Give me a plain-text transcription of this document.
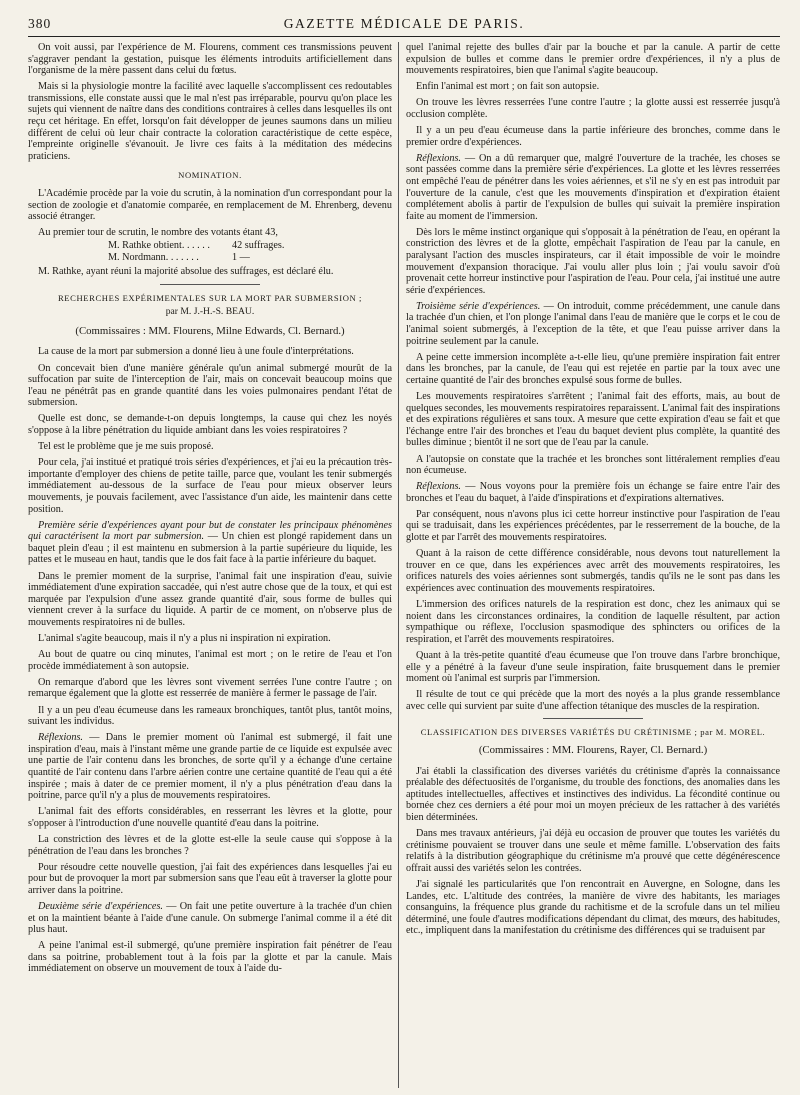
380	GAZETTE MÉDICALE DE PARIS.

On voit aussi, par l'expérience de M. Flourens, comment ces transmissions peuvent s'aggraver pendant la gestation, puisque les éléments introduits artificiellement dans l'organisme de la mère passent dans celui du fœtus.

Mais si la physiologie montre la facilité avec laquelle s'accomplissent ces redoutables transmissions, elle constate aussi que le mal n'est pas irréparable, pourvu qu'on place les sujets qui viennent de naître dans des conditions contraires à celles dans lesquelles ils ont reçu cet héritage. En effet, lorsqu'on fait développer de jeunes saumons dans un milieu différent de celui où leur chair contracte la coloration caractéristique de cette espèce, l'empreinte originelle s'évanouit. Je livre ces faits à la méditation des médecins praticiens.

NOMINATION.

L'Académie procède par la voie du scrutin, à la nomination d'un correspondant pour la section de zoologie et d'anatomie comparée, en remplacement de M. Ehrenberg, devenu associé étranger.

Au premier tour de scrutin, le nombre des votants étant 43,

M. Rathke obtient. . . . . . 42 suffrages.
M. Nordmann. . . . . . .	1 —

M. Rathke, ayant réuni la majorité absolue des suffrages, est déclaré élu.

RECHERCHES EXPÉRIMENTALES SUR LA MORT PAR SUBMERSION ;

par M. J.-H.-S. BEAU.

(Commissaires : MM. Flourens, Milne Edwards, Cl. Bernard.)

La cause de la mort par submersion a donné lieu à une foule d'interprétations.

On concevait bien d'une manière générale qu'un animal submergé mourût de la suffocation par suite de l'interception de l'air, mais on concevait beaucoup moins que l'eau ne pénétrât pas en grande quantité dans les voies pulmonaires pendant l'état de submersion.

Quelle est donc, se demande-t-on depuis longtemps, la cause qui chez les noyés s'oppose à la libre pénétration du liquide ambiant dans les voies respiratoires ?

Tel est le problème que je me suis proposé.

Pour cela, j'ai institué et pratiqué trois séries d'expériences, et j'ai eu la précaution très-importante d'employer des chiens de petite taille, parce que, voulant les tenir submergés immédiatement au-dessous de la surface de l'eau pour mieux observer leurs mouvements, je pouvais facilement, avec l'assistance d'un aide, les maintenir dans cette position.

Première série d'expériences ayant pour but de constater les principaux phénomènes qui caractérisent la mort par submersion. — Un chien est plongé rapidement dans un baquet plein d'eau ; il est maintenu en submersion à la partie supérieure du liquide, les pattes et le museau en haut, tandis que le dos fait face à la partie inférieure du baquet.

Dans le premier moment de la surprise, l'animal fait une inspiration d'eau, suivie immédiatement d'une expiration saccadée, qui n'est autre chose que de la toux, et qui est marquée par l'expulsion d'une assez grande quantité d'air, sous forme de bulles qui viennent crever à la surface du liquide. A partir de ce moment, on n'observe plus de mouvements respiratoires ni de bulles.

L'animal s'agite beaucoup, mais il n'y a plus ni inspiration ni expiration.

Au bout de quatre ou cinq minutes, l'animal est mort ; on le retire de l'eau et l'on procède immédiatement à son autopsie.

On remarque d'abord que les lèvres sont vivement serrées l'une contre l'autre ; on remarque également que la glotte est resserrée de manière à fermer le passage de l'air.

Il y a un peu d'eau écumeuse dans les rameaux bronchiques, tantôt plus, tantôt moins, suivant les individus.

Réflexions. — Dans le premier moment où l'animal est submergé, il fait une inspiration d'eau, mais à l'instant même une grande partie de ce liquide est expulsée avec une partie de l'air contenu dans les bronches, de sorte qu'il y a échange d'une certaine quantité de l'air contenu dans l'arbre aérien contre une certaine quantité de l'eau qui a été inspirée ; mais à dater de ce premier moment, il n'y a plus pénétration d'eau dans la poitrine, parce qu'il n'y a plus de mouvements respiratoires.

L'animal fait des efforts considérables, en resserrant les lèvres et la glotte, pour s'opposer à l'introduction d'une nouvelle quantité d'eau dans la poitrine.

La constriction des lèvres et de la glotte est-elle la seule cause qui s'oppose à la pénétration de l'eau dans les bronches ?

Pour résoudre cette nouvelle question, j'ai fait des expériences dans lesquelles j'ai eu pour but de provoquer la mort par submersion sans que l'eau eût à traverser la glotte pour arriver dans la poitrine.

Deuxième série d'expériences. — On fait une petite ouverture à la trachée d'un chien et on la maintient béante à l'aide d'une canule. On submerge l'animal comme il a été dit plus haut.

A peine l'animal est-il submergé, qu'une première inspiration fait pénétrer de l'eau dans sa poitrine, probablement tout à la fois par la glotte et par la canule. Mais immédiatement on observe un mouvement de toux à l'aide du-

quel l'animal rejette des bulles d'air par la bouche et par la canule. A partir de cette expulsion de bulles et comme dans le premier ordre d'expériences, il n'y a plus de mouvements respiratoires, bien que l'animal s'agite beaucoup.

Enfin l'animal est mort ; on fait son autopsie.

On trouve les lèvres resserrées l'une contre l'autre ; la glotte aussi est resserrée jusqu'à occlusion complète.

Il y a un peu d'eau écumeuse dans la partie inférieure des bronches, comme dans le premier ordre d'expériences.

Réflexions. — On a dû remarquer que, malgré l'ouverture de la trachée, les choses se sont passées comme dans la première série d'expériences. La glotte et les lèvres resserrées ont empêché l'eau de pénétrer dans les voies aériennes, et s'il ne s'y en est pas introduit par l'ouverture de la canule, c'est que les mouvements d'inspiration et d'expiration étaient complétement abolis à partir de l'expulsion de bulles qui suivait la première inspiration faite au moment de l'immersion.

Dès lors le même instinct organique qui s'opposait à la pénétration de l'eau, en opérant la constriction des lèvres et de la glotte, empêchait l'aspiration de l'eau par la canule, en paralysant l'action des muscles inspirateurs, car il était impossible de voir le moindre mouvement d'expansion thoracique. J'ai voulu aller plus loin ; j'ai voulu savoir d'où provenait cette horreur instinctive pour l'aspiration de l'eau. Pour cela, j'ai institué une autre série d'expériences.

Troisième série d'expériences. — On introduit, comme précédemment, une canule dans la trachée d'un chien, et l'on plonge l'animal dans l'eau de manière que le corps et le cou de l'animal soient submergés, à l'exception de la tête, et que l'eau puisse arriver dans la poitrine seulement par la canule.

A peine cette immersion incomplète a-t-elle lieu, qu'une première inspiration fait entrer dans les bronches, par la canule, de l'eau qui est rejetée en partie par la toux avec une certaine quantité de l'air des bronches expulsé sous forme de bulles.

Les mouvements respiratoires s'arrêtent ; l'animal fait des efforts, mais, au bout de quelques secondes, les mouvements respiratoires reparaissent. L'animal fait des inspirations et des expirations régulières et sans toux. A mesure que cette expiration d'eau se fait et que l'échange entre l'air des bronches et l'eau du baquet devient plus complète, la quantité des bulles diminue ; bientôt il ne sort que de l'eau par la canule.

A l'autopsie on constate que la trachée et les bronches sont littéralement remplies d'eau non écumeuse.

Réflexions. — Nous voyons pour la première fois un échange se faire entre l'air des bronches et l'eau du baquet, à l'aide d'inspirations et d'expirations alternatives.

Par conséquent, nous n'avons plus ici cette horreur instinctive pour l'aspiration de l'eau qui se traduisait, dans les expériences précédentes, par le resserrement de la bouche, de la glotte et par l'arrêt des mouvements respiratoires.

Quant à la raison de cette différence considérable, nous devons tout naturellement la trouver en ce que, dans les expériences avec arrêt des mouvements respiratoires, les orifices naturels des voies aériennes sont submergés, tandis qu'ils ne le sont pas dans les expériences avec continuation des mouvements respiratoires.

L'immersion des orifices naturels de la respiration est donc, chez les animaux qui se noient dans les circonstances ordinaires, la condition de laquelle résultent, par action sympathique ou réflexe, l'occlusion spasmodique des sphincters ou orifices de la respiration, et l'arrêt des mouvements respiratoires.

Quant à la très-petite quantité d'eau écumeuse que l'on trouve dans l'arbre bronchique, elle y a pénétré à la faveur d'une seule inspiration, faite brusquement dans le premier moment où l'animal est surpris par l'immersion.

Il résulte de tout ce qui précède que la mort des noyés a la plus grande ressemblance avec celle qui survient par suite d'une affection tétanique des muscles de la respiration.

CLASSIFICATION DES DIVERSES VARIÉTÉS DU CRÉTINISME ; par M. MOREL.

(Commissaires : MM. Flourens, Rayer, Cl. Bernard.)

J'ai établi la classification des diverses variétés du crétinisme d'après la connaissance préalable des défectuosités de l'organisme, du trouble des fonctions, des anomalies dans les aptitudes intellectuelles, affectives et instinctives des individus. La fécondité continue ou bornée chez ces derniers a été pour moi un moyen précieux de les rattacher à des variétés bien déterminées.

Dans mes travaux antérieurs, j'ai déjà eu occasion de prouver que toutes les variétés du crétinisme pouvaient se trouver dans une seule et même famille. L'observation des faits relatifs à la distribution géographique du crétinisme m'a prouvé que cette dégénérescence offrait aussi des variétés selon les contrées.

J'ai signalé les particularités que l'on rencontrait en Auvergne, en Sologne, dans les Landes, etc. L'altitude des contrées, la manière de vivre des habitants, les mariages consanguins, la fréquence plus grande du rachitisme et de la scrofule dans un tel milieu déterminé, une foule d'autres modifications dépendant du climat, des mœurs, des habitudes, etc., impliquent dans la manifestation du crétinisme des différences qui se traduisent par
